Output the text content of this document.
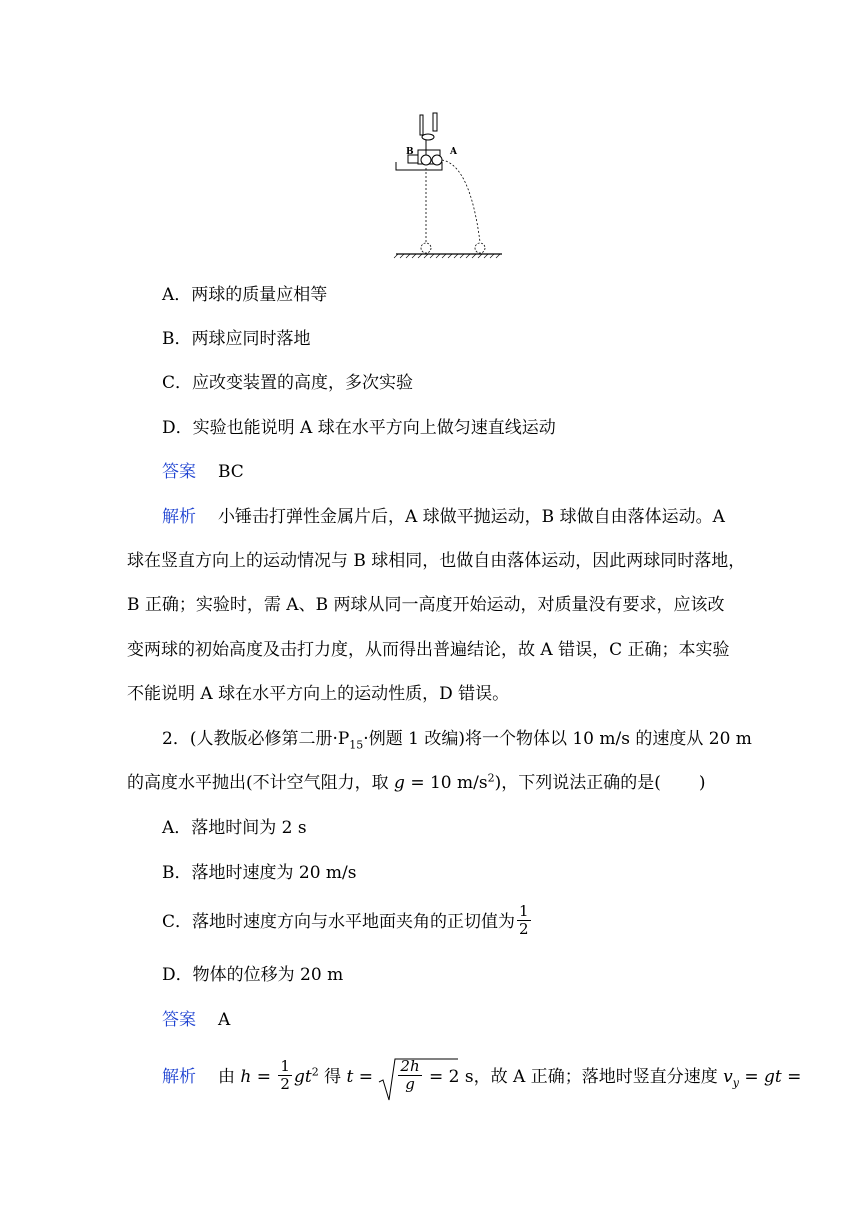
B	A
A．两球的质量应相等
B．两球应同时落地
C．应改变装置的高度，多次实验
D．实验也能说明 A 球在水平方向上做匀速直线运动
答案 BC
解析 小锤击打弹性金属片后，A 球做平抛运动，B 球做自由落体运动。A
球在竖直方向上的运动情况与 B 球相同，也做自由落体运动，因此两球同时落地，
B 正确；实验时，需 A、B 两球从同一高度开始运动，对质量没有要求，应该改
变两球的初始高度及击打力度，从而得出普遍结论，故 A 错误，C 正确；本实验
不能说明 A 球在水平方向上的运动性质，D 错误。
2．(人教版必修第二册$\cdot P_{15}\cdot$例题 1 改编)将一个物体以 10 m/s 的速度从 20 m
的高度水平抛出(不计空气阻力，取 g = 10 $m/s^2$)，下列说法正确的是( )
A．落地时间为 2 s
B．落地时速度为 20 m/s
C．落地时速度方向与水平地面夹角的正切值为 $\frac{1}{2}$
D．物体的位移为 20 m
答案 A
解析 由 $h = \frac{1}{2} gt^2$ 得 $t = \frac{2h}{g} = 2$ s，故 A 正确；落地时竖直分速度 $v_y$ = gt =
